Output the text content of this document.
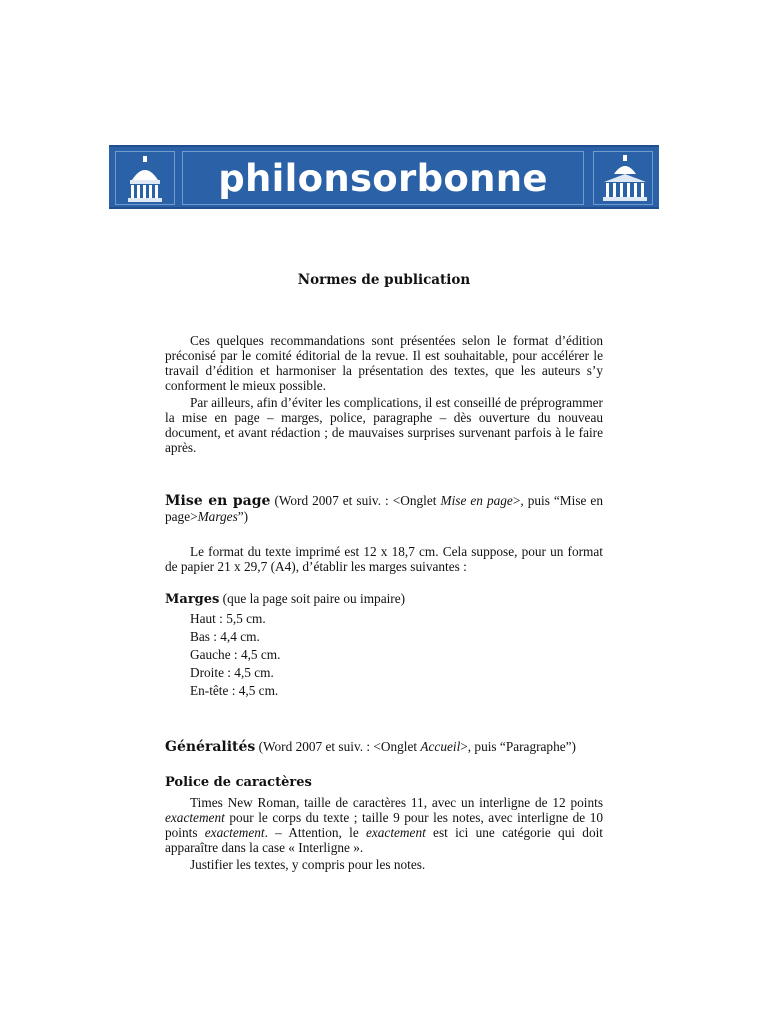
philonsorbonne
Normes de publication

Ces quelques recommandations sont présentées selon le format d’édition préconisé par le comité éditorial de la revue. Il est souhaitable, pour accélérer le travail d’édition et harmoniser la présentation des textes, que les auteurs s’y conforment le mieux possible.

Par ailleurs, afin d’éviter les complications, il est conseillé de préprogrammer la mise en page – marges, police, paragraphe – dès ouverture du nouveau document, et avant rédaction ; de mauvaises surprises survenant parfois à le faire après.

Mise en page (Word 2007 et suiv. : <Onglet Mise en page>, puis “Mise en page>Marges”)

Le format du texte imprimé est 12 x 18,7 cm. Cela suppose, pour un format de papier 21 x 29,7 (A4), d’établir les marges suivantes :

Marges (que la page soit paire ou impaire)
Haut : 5,5 cm.
Bas : 4,4 cm.
Gauche : 4,5 cm.
Droite : 4,5 cm.
En-tête : 4,5 cm.

Généralités (Word 2007 et suiv. : <Onglet Accueil>, puis “Paragraphe”)

Police de caractères

Times New Roman, taille de caractères 11, avec un interligne de 12 points exactement pour le corps du texte ; taille 9 pour les notes, avec interligne de 10 points exactement. – Attention, le exactement est ici une catégorie qui doit apparaître dans la case « Interligne ».

Justifier les textes, y compris pour les notes.
